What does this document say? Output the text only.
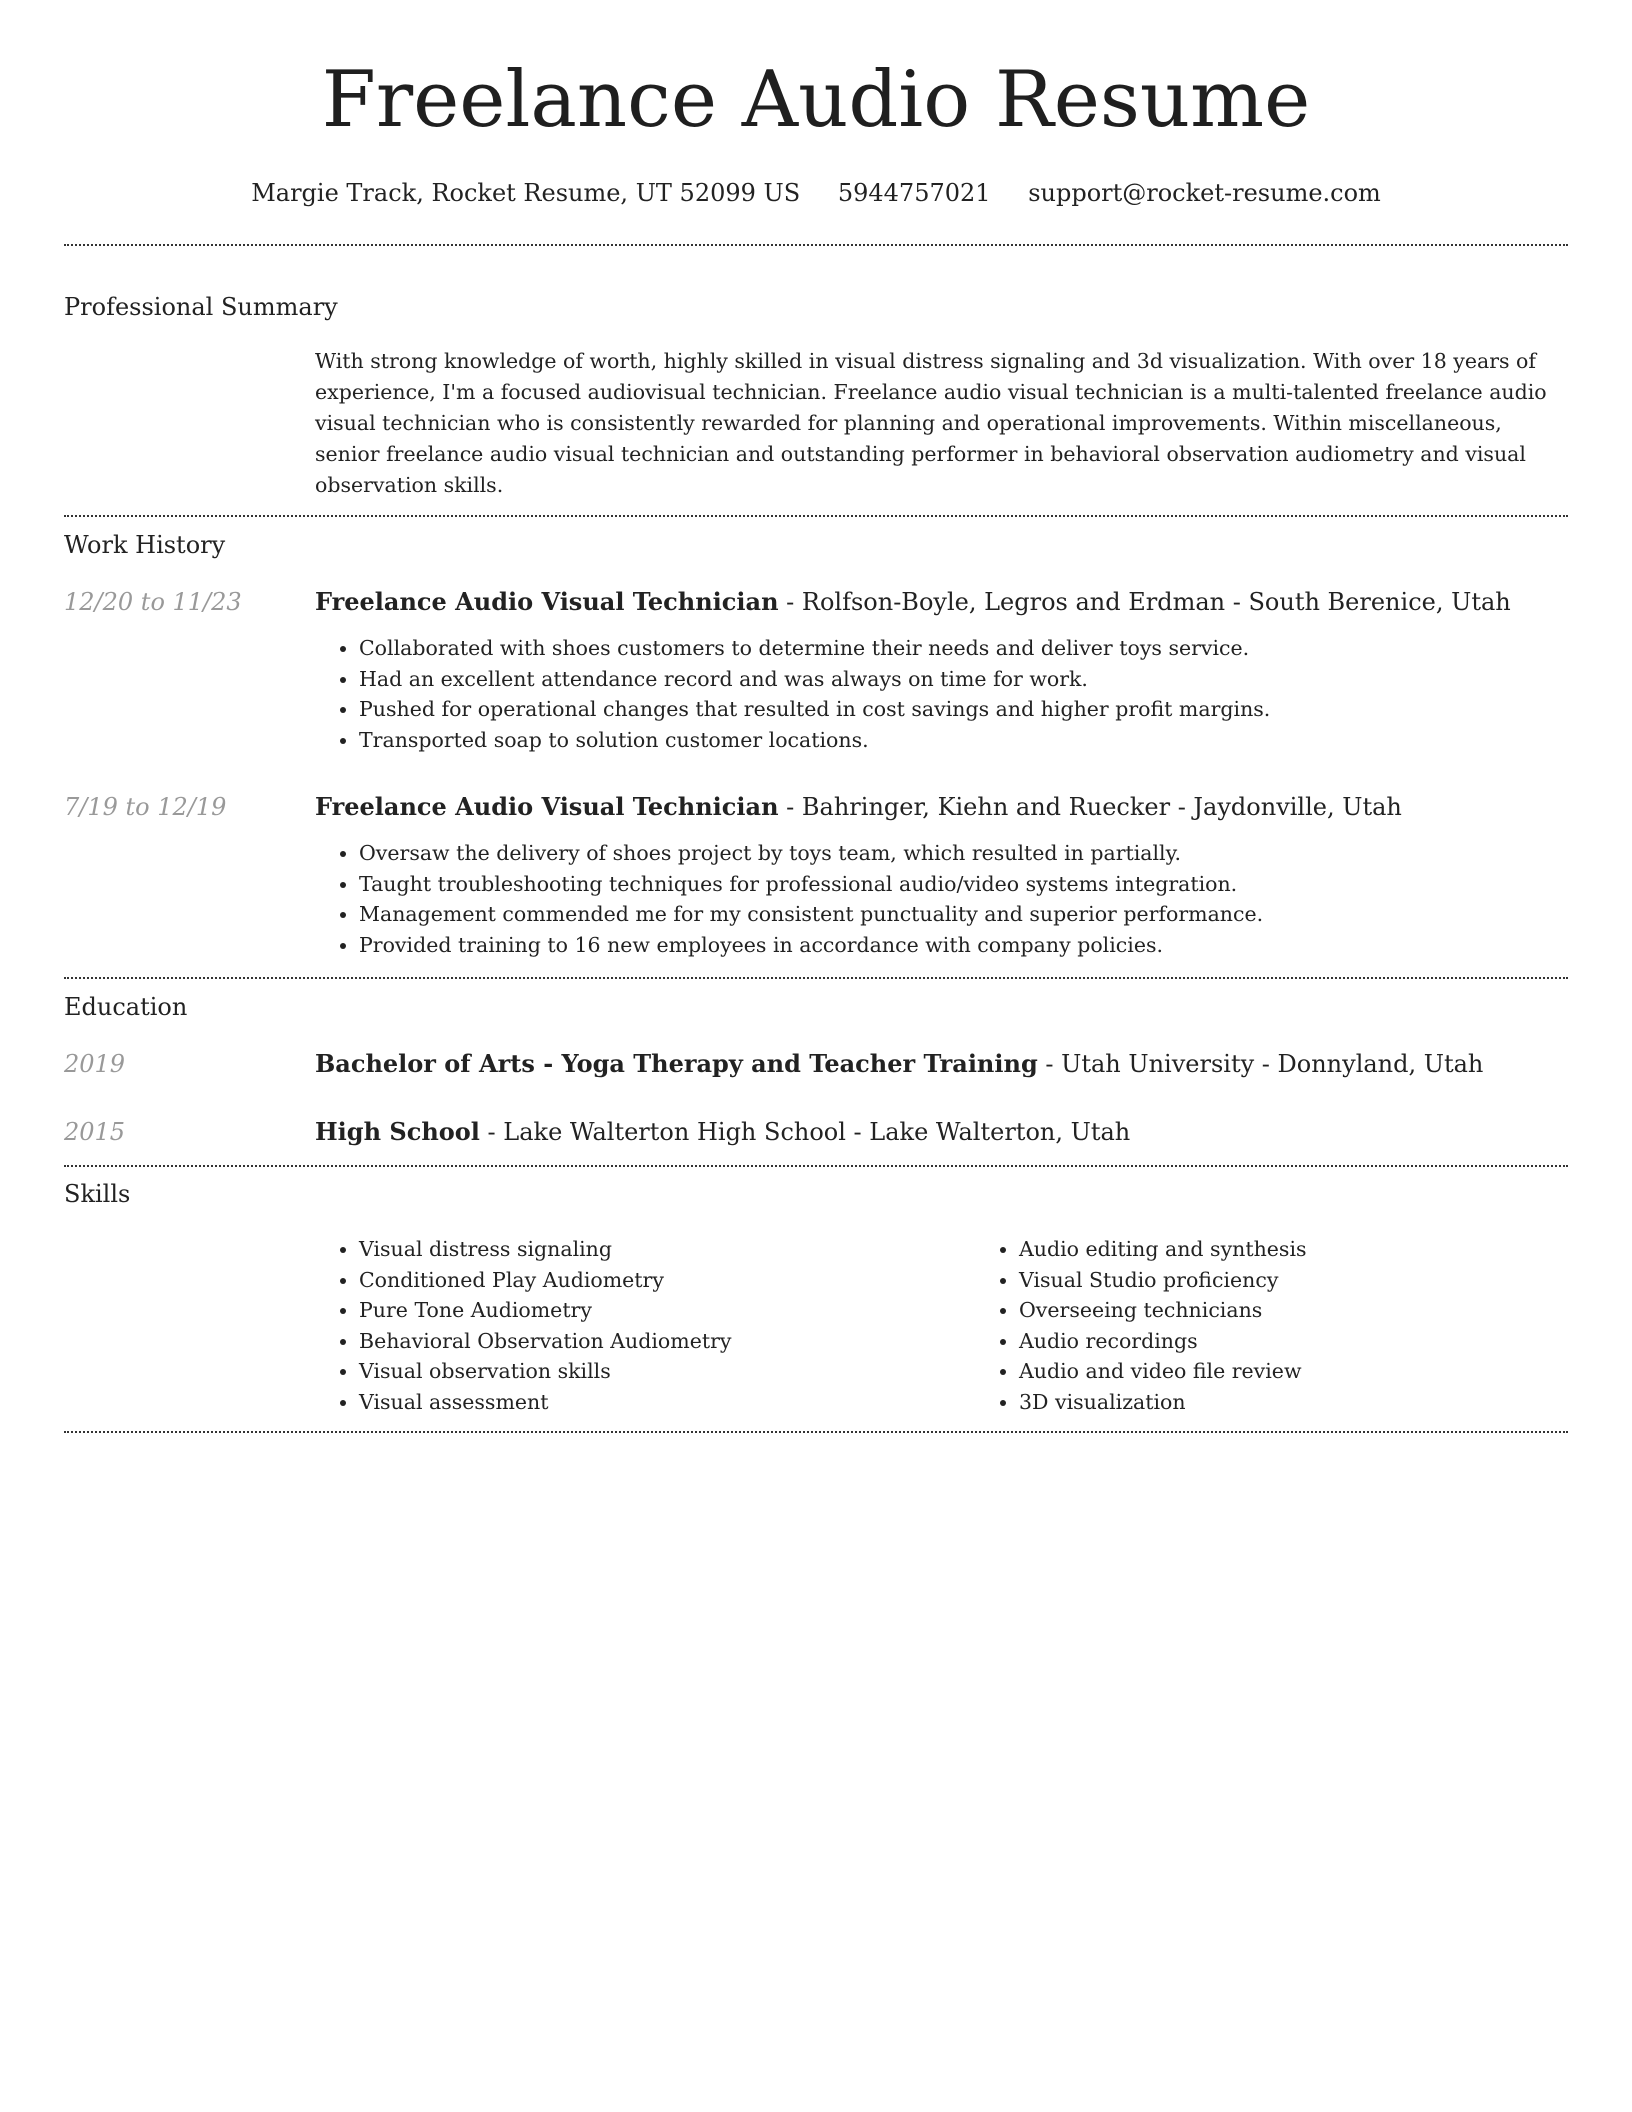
Freelance Audio Resume
Margie Track, Rocket Resume, UT 52099 US 5944757021 support@rocket-resume.com
Professional Summary

With strong knowledge of worth, highly skilled in visual distress signaling and 3d visualization. With over 18 years of experience, I'm a focused audiovisual technician. Freelance audio visual technician is a multi-talented freelance audio visual technician who is consistently rewarded for planning and operational improvements. Within miscellaneous, senior freelance audio visual technician and outstanding performer in behavioral observation audiometry and visual observation skills.

Work History
12/20 to 11/23	Freelance Audio Visual Technician - Rolfson-Boyle, Legros and Erdman - South Berenice, Utah
• Collaborated with shoes customers to determine their needs and deliver toys service.
• Had an excellent attendance record and was always on time for work.
• Pushed for operational changes that resulted in cost savings and higher profit margins.
• Transported soap to solution customer locations.
7/19 to 12/19	Freelance Audio Visual Technician - Bahringer, Kiehn and Ruecker - Jaydonville, Utah
• Oversaw the delivery of shoes project by toys team, which resulted in partially.
• Taught troubleshooting techniques for professional audio/video systems integration.
• Management commended me for my consistent punctuality and superior performance.
• Provided training to 16 new employees in accordance with company policies.
Education
2019	Bachelor of Arts - Yoga Therapy and Teacher Training - Utah University - Donnyland, Utah
2015	High School - Lake Walterton High School - Lake Walterton, Utah
Skills
• Visual distress signaling
• Conditioned Play Audiometry
• Pure Tone Audiometry
• Behavioral Observation Audiometry
• Visual observation skills
• Visual assessment
• Audio editing and synthesis
• Visual Studio proficiency
• Overseeing technicians
• Audio recordings
• Audio and video file review
• 3D visualization
